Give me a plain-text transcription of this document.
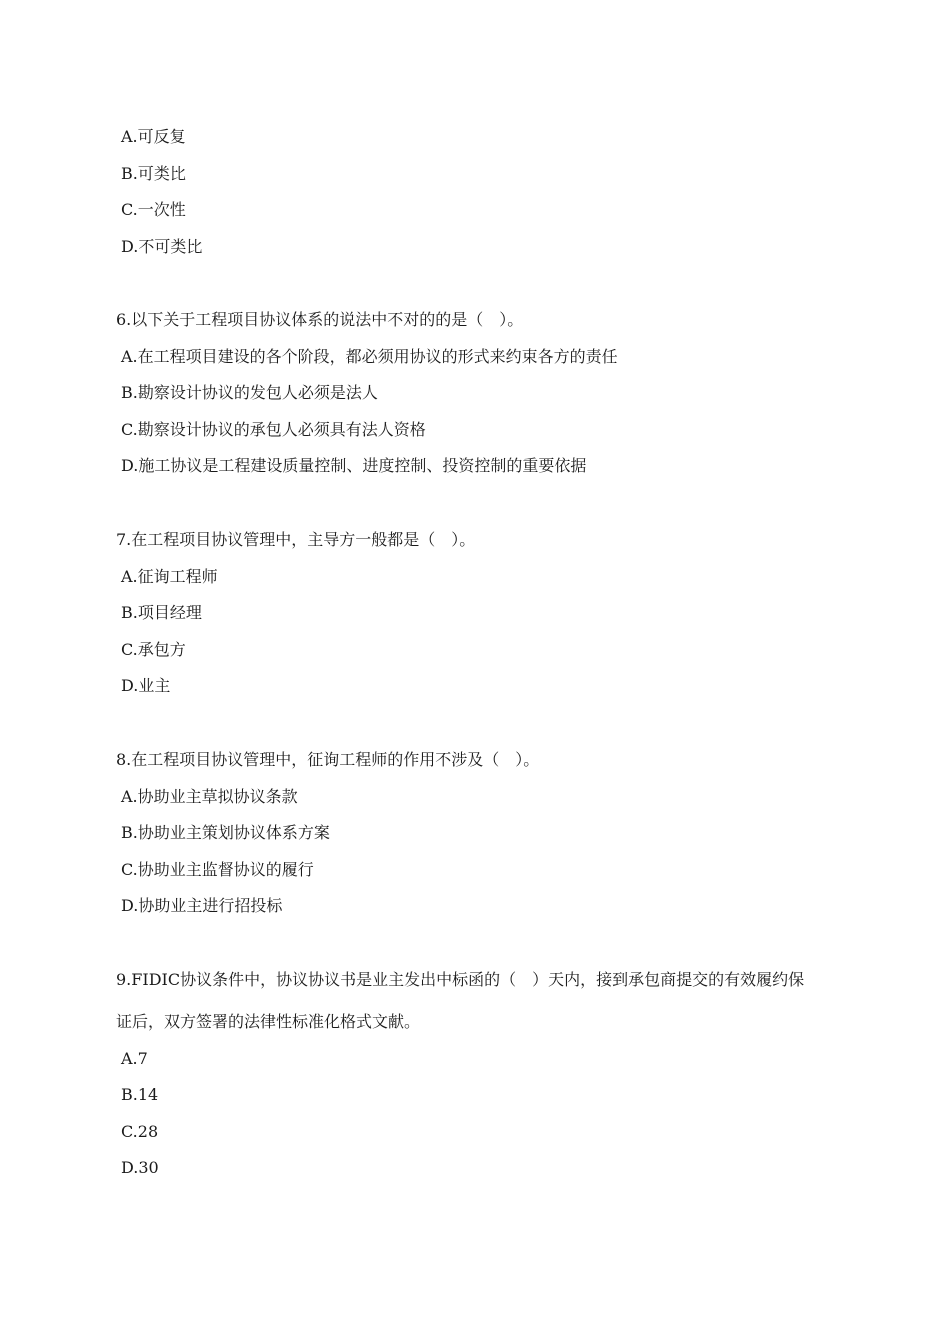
A.可反复
B.可类比
C.一次性
D.不可类比
6.以下关于工程项目协议体系的说法中不对的的是（　）。
A.在工程项目建设的各个阶段，都必须用协议的形式来约束各方的责任
B.勘察设计协议的发包人必须是法人
C.勘察设计协议的承包人必须具有法人资格
D.施工协议是工程建设质量控制、进度控制、投资控制的重要依据
7.在工程项目协议管理中，主导方一般都是（　）。
A.征询工程师
B.项目经理
C.承包方
D.业主
8.在工程项目协议管理中，征询工程师的作用不涉及（　）。
A.协助业主草拟协议条款
B.协助业主策划协议体系方案
C.协助业主监督协议的履行
D.协助业主进行招投标
9.FIDIC协议条件中，协议协议书是业主发出中标函的（　）天内，接到承包商提交的有效履约保
证后，双方签署的法律性标准化格式文献。
A.7
B.14
C.28
D.30
